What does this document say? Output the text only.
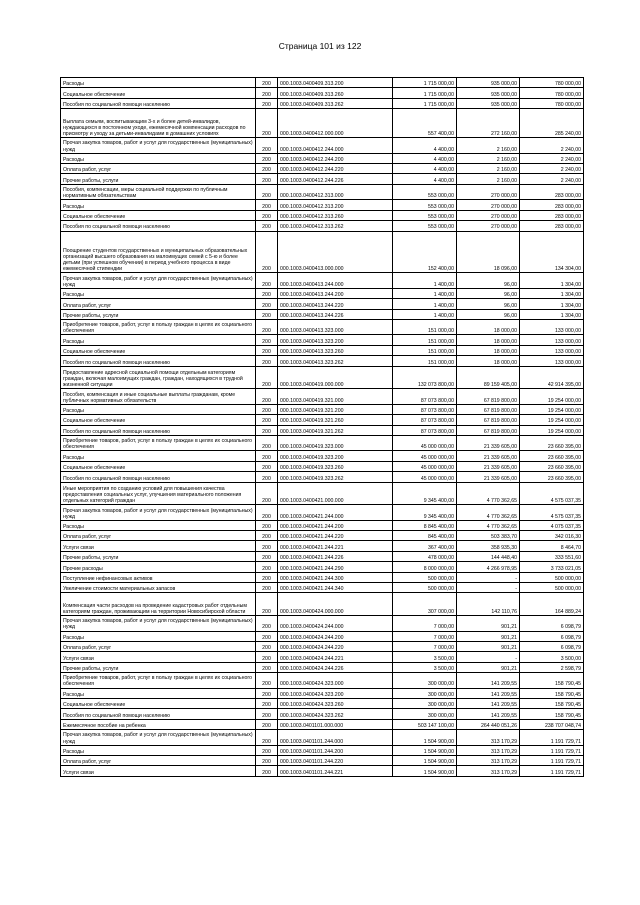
Страница 101 из 122
Расходы	200	000.1003.0400409.313.200	1 715 000,00	935 000,00	780 000,00
Социальное обеспечение	200	000.1003.0400409.313.260	1 715 000,00	935 000,00	780 000,00
Пособия по социальной помощи населению	200	000.1003.0400409.313.262	1 715 000,00	935 000,00	780 000,00
Выплата семьям, воспитывающим 3-х и более детей-инвалидов, нуждающихся в постоянном уходе, ежемесячной компенсации расходов по присмотру и уходу за детьми-инвалидами в домашних условиях	200	000.1003.0400412.000.000	557 400,00	272 160,00	285 240,00
Прочая закупка товаров, работ и услуг для государственных (муниципальных) нужд	200	000.1003.0400412.244.000	4 400,00	2 160,00	2 240,00
Расходы	200	000.1003.0400412.244.200	4 400,00	2 160,00	2 240,00
Оплата работ, услуг	200	000.1003.0400412.244.220	4 400,00	2 160,00	2 240,00
Прочие работы, услуги	200	000.1003.0400412.244.226	4 400,00	2 160,00	2 240,00
Пособия, компенсации, меры социальной поддержки по публичным нормативным обязательствам	200	000.1003.0400412.313.000	553 000,00	270 000,00	283 000,00
Расходы	200	000.1003.0400412.313.200	553 000,00	270 000,00	283 000,00
Социальное обеспечение	200	000.1003.0400412.313.260	553 000,00	270 000,00	283 000,00
Пособия по социальной помощи населению	200	000.1003.0400412.313.262	553 000,00	270 000,00	283 000,00
Поощрение студентов государственных и муниципальных образовательных организаций высшего образования из малоимущих семей с 5-ю и более детьми (при успешном обучении) в период учебного процесса в виде ежемесячной стипендии	200	000.1003.0400413.000.000	152 400,00	18 096,00	134 304,00
Прочая закупка товаров, работ и услуг для государственных (муниципальных) нужд	200	000.1003.0400413.244.000	1 400,00	96,00	1 304,00
Расходы	200	000.1003.0400413.244.200	1 400,00	96,00	1 304,00
Оплата работ, услуг	200	000.1003.0400413.244.220	1 400,00	96,00	1 304,00
Прочие работы, услуги	200	000.1003.0400413.244.226	1 400,00	96,00	1 304,00
Приобретение товаров, работ, услуг в пользу граждан в целях их социального обеспечения	200	000.1003.0400413.323.000	151 000,00	18 000,00	133 000,00
Расходы	200	000.1003.0400413.323.200	151 000,00	18 000,00	133 000,00
Социальное обеспечение	200	000.1003.0400413.323.260	151 000,00	18 000,00	133 000,00
Пособия по социальной помощи населению	200	000.1003.0400413.323.262	151 000,00	18 000,00	133 000,00
Предоставление адресной социальной помощи отдельным категориям граждан, включая малоимущих граждан, граждан, находящихся в трудной жизненной ситуации	200	000.1003.0400419.000.000	132 073 800,00	89 159 405,00	42 914 395,00
Пособия, компенсация и иные социальные выплаты гражданам, кроме публичных нормативных обязательств	200	000.1003.0400419.321.000	87 073 800,00	67 819 800,00	19 254 000,00
Расходы	200	000.1003.0400419.321.200	87 073 800,00	67 819 800,00	19 254 000,00
Социальное обеспечение	200	000.1003.0400419.321.260	87 073 800,00	67 819 800,00	19 254 000,00
Пособия по социальной помощи населению	200	000.1003.0400419.321.262	87 073 800,00	67 819 800,00	19 254 000,00
Приобретение товаров, работ, услуг в пользу граждан в целях их социального обеспечения	200	000.1003.0400419.323.000	45 000 000,00	21 339 605,00	23 660 395,00
Расходы	200	000.1003.0400419.323.200	45 000 000,00	21 339 605,00	23 660 395,00
Социальное обеспечение	200	000.1003.0400419.323.260	45 000 000,00	21 339 605,00	23 660 395,00
Пособия по социальной помощи населению	200	000.1003.0400419.323.262	45 000 000,00	21 339 605,00	23 660 395,00
Иные мероприятия по созданию условий для повышения качества предоставления социальных услуг, улучшения материального положения отдельных категорий граждан	200	000.1003.0400421.000.000	9 345 400,00	4 770 362,65	4 575 037,35
Прочая закупка товаров, работ и услуг для государственных (муниципальных) нужд	200	000.1003.0400421.244.000	9 345 400,00	4 770 362,65	4 575 037,35
Расходы	200	000.1003.0400421.244.200	8 845 400,00	4 770 362,65	4 075 037,35
Оплата работ, услуг	200	000.1003.0400421.244.220	845 400,00	503 383,70	342 016,30
Услуги связи	200	000.1003.0400421.244.221	367 400,00	358 935,30	8 464,70
Прочие работы, услуги	200	000.1003.0400421.244.226	478 000,00	144 448,40	333 551,60
Прочие расходы	200	000.1003.0400421.244.290	8 000 000,00	4 266 978,95	3 733 021,05
Поступление нефинансовых активов	200	000.1003.0400421.244.300	500 000,00	-	500 000,00
Увеличение стоимости материальных запасов	200	000.1003.0400421.244.340	500 000,00	-	500 000,00
Компенсация части расходов на проведение кадастровых работ отдельным категориям граждан, проживающим на территории Новосибирской области	200	000.1003.0400424.000.000	307 000,00	142 110,76	164 889,24
Прочая закупка товаров, работ и услуг для государственных (муниципальных) нужд	200	000.1003.0400424.244.000	7 000,00	901,21	6 098,79
Расходы	200	000.1003.0400424.244.200	7 000,00	901,21	6 098,79
Оплата работ, услуг	200	000.1003.0400424.244.220	7 000,00	901,21	6 098,79
Услуги связи	200	000.1003.0400424.244.221	3 500,00	-	3 500,00
Прочие работы, услуги	200	000.1003.0400424.244.226	3 500,00	901,21	2 598,79
Приобретение товаров, работ, услуг в пользу граждан в целях их социального обеспечения	200	000.1003.0400424.323.000	300 000,00	141 209,55	158 790,45
Расходы	200	000.1003.0400424.323.200	300 000,00	141 209,55	158 790,45
Социальное обеспечение	200	000.1003.0400424.323.260	300 000,00	141 209,55	158 790,45
Пособия по социальной помощи населению	200	000.1003.0400424.323.262	300 000,00	141 209,55	158 790,45
Ежемесячное пособие на ребенка	200	000.1003.0401101.000.000	503 147 100,00	264 440 051,26	238 707 048,74
Прочая закупка товаров, работ и услуг для государственных (муниципальных) нужд	200	000.1003.0401101.244.000	1 504 900,00	313 170,29	1 191 729,71
Расходы	200	000.1003.0401101.244.200	1 504 900,00	313 170,29	1 191 729,71
Оплата работ, услуг	200	000.1003.0401101.244.220	1 504 900,00	313 170,29	1 191 729,71
Услуги связи	200	000.1003.0401101.244.221	1 504 900,00	313 170,29	1 191 729,71
